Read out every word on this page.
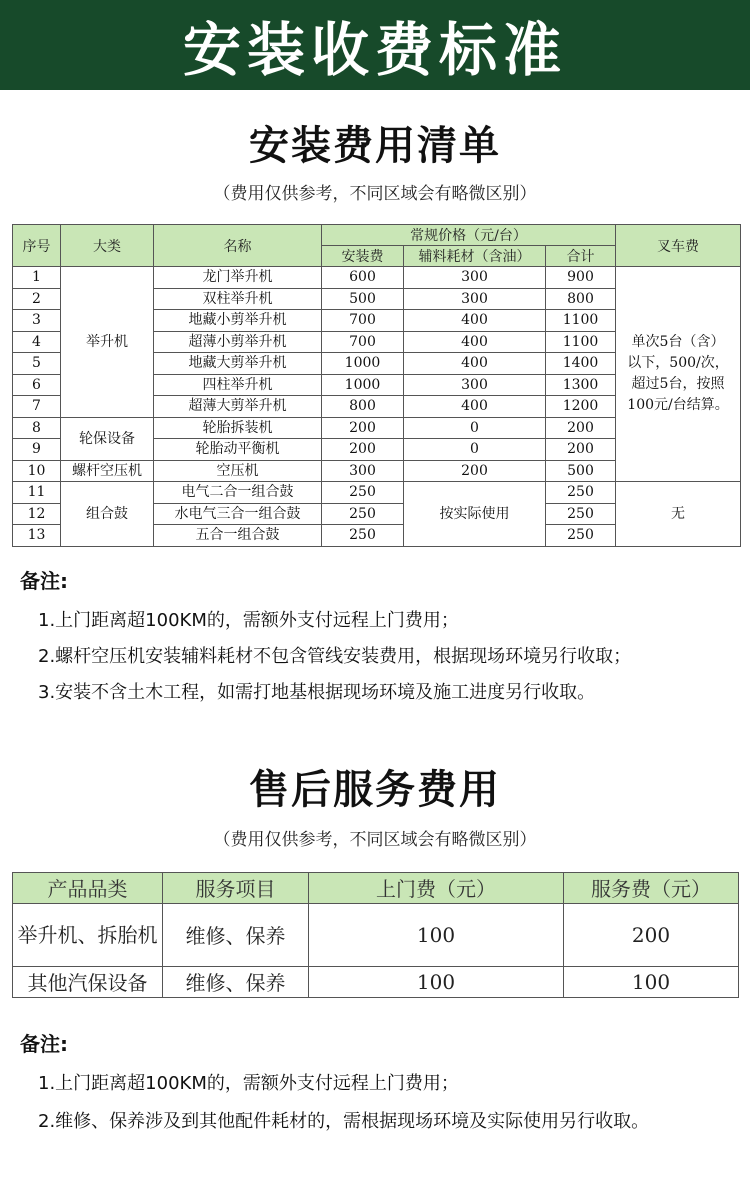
安装收费标准
安装费用清单
（费用仅供参考，不同区域会有略微区别）
序号	大类	名称	常规价格（元/台）			叉车费
			安装费	辅料耗材（含油）	合计	
1	举升机	龙门举升机	600	300	900	单次5台（含）
以下，500/次，
超过5台，按照
100元/台结算。

2		双柱举升机	500	300	800	
3		地藏小剪举升机	700	400	1100	
4		超薄小剪举升机	700	400	1100	
5		地藏大剪举升机	1000	400	1400	
6		四柱举升机	1000	300	1300	
7		超薄大剪举升机	800	400	1200	
8	轮保设备	轮胎拆装机	200	0	200	
9		轮胎动平衡机	200	0	200	
10	螺杆空压机	空压机	300	200	500	
11	组合鼓	电气二合一组合鼓	250	按实际使用	250	无
12		水电气三合一组合鼓	250		250	
13		五合一组合鼓	250		250	
备注:
1.上门距离超100KM的，需额外支付远程上门费用；
2.螺杆空压机安装辅料耗材不包含管线安装费用，根据现场环境另行收取；
3.安装不含土木工程，如需打地基根据现场环境及施工进度另行收取。
售后服务费用
（费用仅供参考，不同区域会有略微区别）
产品品类	服务项目	上门费（元）	服务费（元）
举升机、拆胎机	维修、保养	100	200
其他汽保设备	维修、保养	100	100
备注:
1.上门距离超100KM的，需额外支付远程上门费用；
2.维修、保养涉及到其他配件耗材的，需根据现场环境及实际使用另行收取。
